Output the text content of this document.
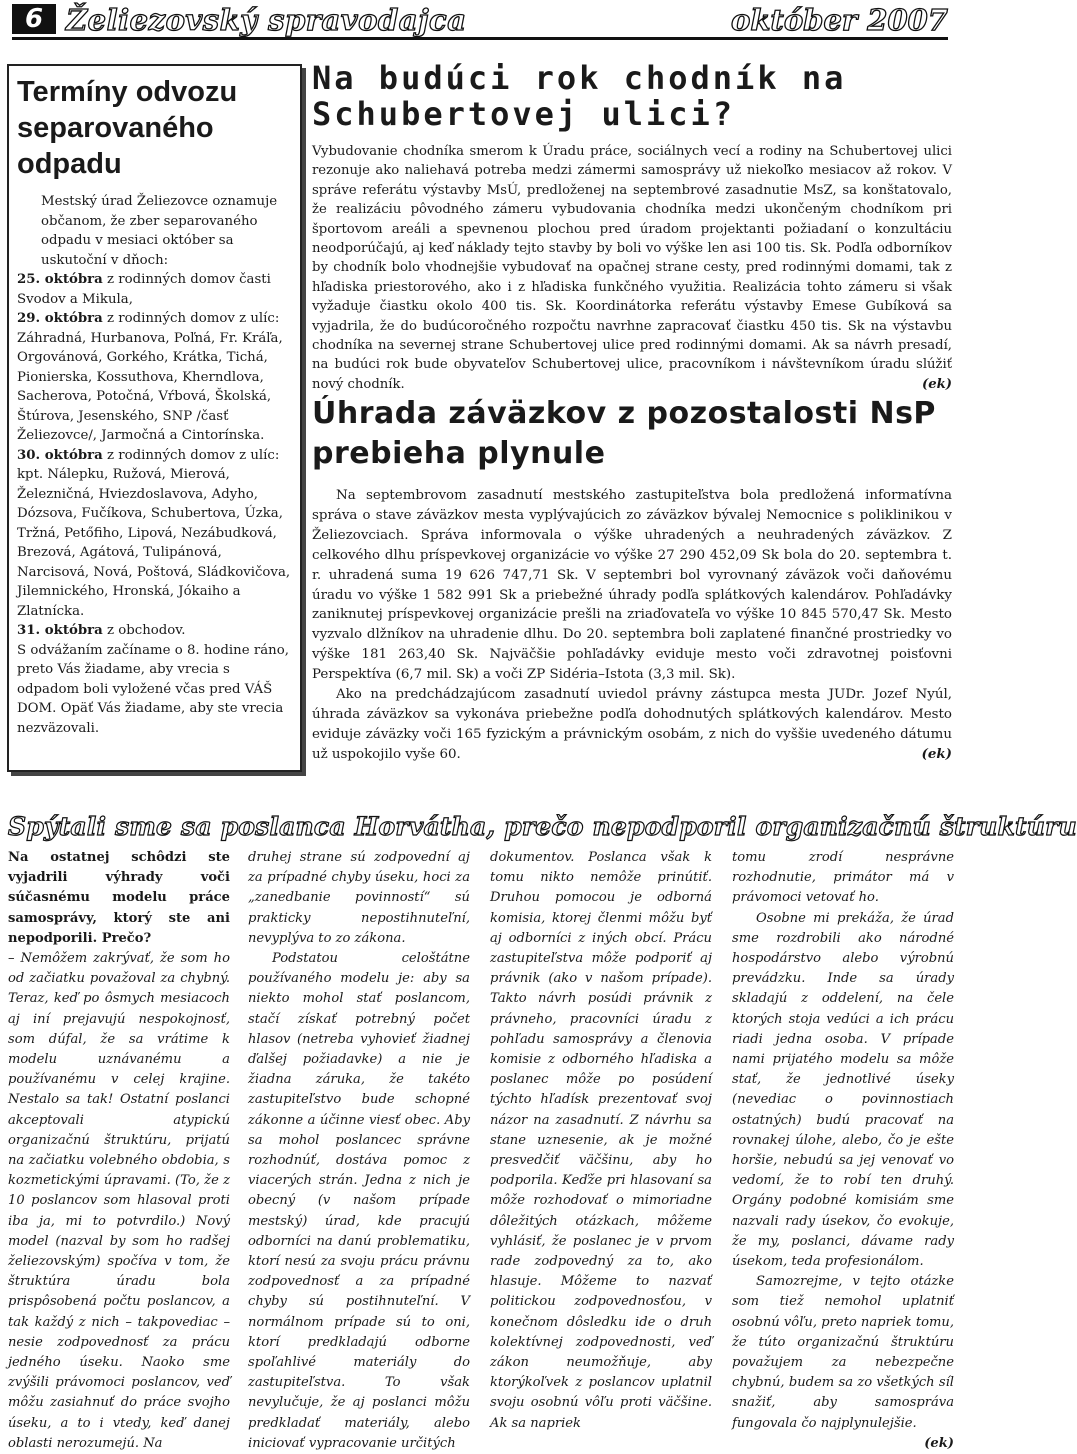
6 Želiezovský spravodajca	október 2007
Termíny odvozu separovaného odpadu

Mestský úrad Želiezovce oznamuje občanom, že zber separovaného odpadu v mesiaci október sa uskutoční v dňoch:

25. októbra z rodinných domov časti Svodov a Mikula,

29. októbra z rodinných domov z ulíc: Záhradná, Hurbanova, Poľná, Fr. Kráľa, Orgovánová, Gorkého, Krátka, Tichá, Pionierska, Kossuthova, Kherndlova, Sacherova, Potočná, Vŕbová, Školská, Štúrova, Jesenského, SNP /časť Želiezovce/, Jarmočná a Cintorínska.

30. októbra z rodinných domov z ulíc: kpt. Nálepku, Ružová, Mierová, Železničná, Hviezdoslavova, Adyho, Dózsova, Fučíkova, Schubertova, Úzka, Tržná, Petőfiho, Lipová, Nezábudková, Brezová, Agátová, Tulipánová, Narcisová, Nová, Poštová, Sládkovičova, Jilemnického, Hronská, Jókaiho a Zlatnícka.

31. októbra z obchodov.

S odvážaním začíname o 8. hodine ráno, preto Vás žiadame, aby vrecia s odpadom boli vyložené včas pred VÁŠ DOM. Opäť Vás žiadame, aby ste vrecia nezväzovali.

Na budúci rok chodník na Schubertovej ulici?

Vybudovanie chodníka smerom k Úradu práce, sociálnych vecí a rodiny na Schubertovej ulici rezonuje ako naliehavá potreba medzi zámermi samosprávy už niekoľko mesiacov až rokov. V správe referátu výstavby MsÚ, predloženej na septembrové zasadnutie MsZ, sa konštatovalo, že realizáciu pôvodného zámeru vybudovania chodníka medzi ukončeným chodníkom pri športovom areáli a spevnenou plochou pred úradom projektanti požiadaní o konzultáciu neodporúčajú, aj keď náklady tejto stavby by boli vo výške len asi 100 tis. Sk. Podľa odborníkov by chodník bolo vhodnejšie vybudovať na opačnej strane cesty, pred rodinnými domami, tak z hľadiska priestorového, ako i z hľadiska funkčného využitia. Realizácia tohto zámeru si však vyžaduje čiastku okolo 400 tis. Sk. Koordinátorka referátu výstavby Emese Gubíková sa vyjadrila, že do budúcoročného rozpočtu navrhne zapracovať čiastku 450 tis. Sk na výstavbu chodníka na severnej strane Schubertovej ulice pred rodinnými domami. Ak sa návrh presadí, na budúci rok bude obyvateľov Schubertovej ulice, pracovníkom i návštevníkom úradu slúžiť nový chodník.	(ek)

Úhrada záväzkov z pozostalosti NsP prebieha plynule

Na septembrovom zasadnutí mestského zastupiteľstva bola predložená informatívna správa o stave záväzkov mesta vyplývajúcich zo záväzkov bývalej Nemocnice s poliklinikou v Želiezovciach. Správa informovala o výške uhradených a neuhradených záväzkov. Z celkového dlhu príspevkovej organizácie vo výške 27 290 452,09 Sk bola do 20. septembra t. r. uhradená suma 19 626 747,71 Sk. V septembri bol vyrovnaný záväzok voči daňovému úradu vo výške 1 582 991 Sk a priebežné úhrady podľa splátkových kalendárov. Pohľadávky zaniknutej príspevkovej organizácie prešli na zriaďovateľa vo výške 10 845 570,47 Sk. Mesto vyzvalo dlžníkov na uhradenie dlhu. Do 20. septembra boli zaplatené finančné prostriedky vo výške 181 263,40 Sk. Najväčšie pohľadávky eviduje mesto voči zdravotnej poisťovni Perspektíva (6,7 mil. Sk) a voči ZP Sidéria–Istota (3,3 mil. Sk).

Ako na predchádzajúcom zasadnutí uviedol právny zástupca mesta JUDr. Jozef Nyúl, úhrada záväzkov sa vykonáva priebežne podľa dohodnutých splátkových kalendárov. Mesto eviduje záväzky voči 165 fyzickým a právnickým osobám, z nich do vyššie uvedeného dátumu už uspokojilo vyše 60.	(ek)

Spýtali sme sa poslanca Horvátha, prečo nepodporil organizačnú štruktúru

Na ostatnej schôdzi ste vyjadrili výhrady voči súčasnému modelu práce samosprávy, ktorý ste ani nepodporili. Prečo?

– Nemôžem zakrývať, že som ho od začiatku považoval za chybný. Teraz, keď po ôsmych mesiacoch aj iní prejavujú nespokojnosť, som dúfal, že sa vrátime k modelu uznávanému a používanému v celej krajine. Nestalo sa tak! Ostatní poslanci akceptovali atypickú organizačnú štruktúru, prijatú na začiatku volebného obdobia, s kozmetickými úpravami. (To, že z 10 poslancov som hlasoval proti iba ja, mi to potvrdilo.) Nový model (nazval by som ho radšej želiezovským) spočíva v tom, že štruktúra úradu bola prispôsobená počtu poslancov, a tak každý z nich – takpovediac – nesie zodpovednosť za prácu jedného úseku. Naoko sme zvýšili právomoci poslancov, veď môžu zasiahnuť do práce svojho úseku, a to i vtedy, keď danej oblasti nerozumejú. Na

druhej strane sú zodpovední aj za prípadné chyby úseku, hoci za „zanedbanie povinností“ sú prakticky nepostihnuteľní, nevyplýva to zo zákona.

Podstatou celoštátne používaného modelu je: aby sa niekto mohol stať poslancom, stačí získať potrebný počet hlasov (netreba vyhovieť žiadnej ďalšej požiadavke) a nie je žiadna záruka, že takéto zastupiteľstvo bude schopné zákonne a účinne viesť obec. Aby sa mohol poslancec správne rozhodnúť, dostáva pomoc z viacerých strán. Jedna z nich je obecný (v našom prípade mestský) úrad, kde pracujú odborníci na danú problematiku, ktorí nesú za svoju prácu právnu zodpovednosť a za prípadné chyby sú postihnuteľní. V normálnom prípade sú to oni, ktorí predkladajú odborne spoľahlivé materiály do zastupiteľstva. To však nevylučuje, že aj poslanci môžu predkladať materiály, alebo iniciovať vypracovanie určitých

dokumentov. Poslanca však k tomu nikto nemôže prinútiť. Druhou pomocou je odborná komisia, ktorej členmi môžu byť aj odborníci z iných obcí. Prácu zastupiteľstva môže podporiť aj právnik (ako v našom prípade). Takto návrh posúdi právnik z právneho, pracovníci úradu z pohľadu samosprávy a členovia komisie z odborného hľadiska a poslanec môže po posúdení týchto hľadísk prezentovať svoj názor na zasadnutí. Z návrhu sa stane uznesenie, ak je možné presvedčiť väčšinu, aby ho podporila. Keďže pri hlasovaní sa môže rozhodovať o mimoriadne dôležitých otázkach, môžeme vyhlásiť, že poslanec je v prvom rade zodpovedný za to, ako hlasuje. Môžeme to nazvať politickou zodpovednosťou, v konečnom dôsledku ide o druh kolektívnej zodpovednosti, veď zákon neumožňuje, aby ktorýkoľvek z poslancov uplatnil svoju osobnú vôľu proti väčšine. Ak sa napriek

tomu zrodí nesprávne rozhodnutie, primátor má v právomoci vetovať ho.

Osobne mi prekáža, že úrad sme rozdrobili ako národné hospodárstvo alebo výrobnú prevádzku. Inde sa úrady skladajú z oddelení, na čele ktorých stoja vedúci a ich prácu riadi jedna osoba. V prípade nami prijatého modelu sa môže stať, že jednotlivé úseky (nevediac o povinnostiach ostatných) budú pracovať na rovnakej úlohe, alebo, čo je ešte horšie, nebudú sa jej venovať vo vedomí, že to robí ten druhý. Orgány podobné komisiám sme nazvali rady úsekov, čo evokuje, že my, poslanci, dávame rady úsekom, teda profesionálom.

Samozrejme, v tejto otázke som tiež nemohol uplatniť osobnú vôľu, preto napriek tomu, že túto organizačnú štruktúru považujem za nebezpečne chybnú, budem sa zo všetkých síl snažiť, aby samospráva fungovala čo najplynulejšie.
(ek)
